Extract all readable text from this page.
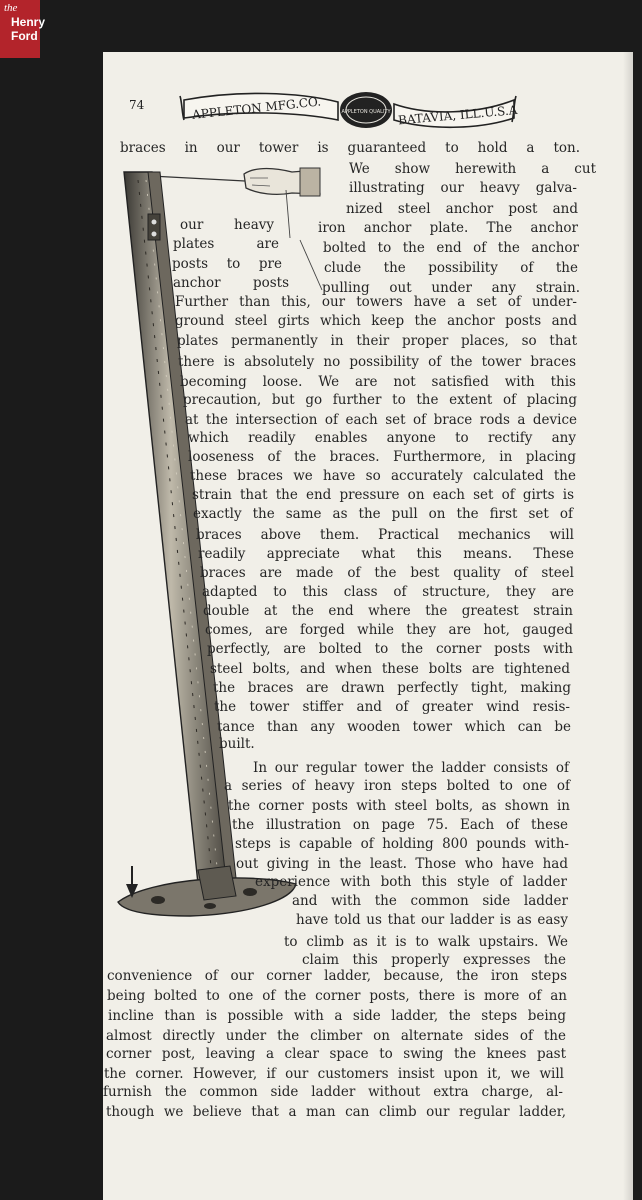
the
Henry
Ford
74	APPLETON QUALITY
APPLETON MFG.CO.	BATAVIA, ILL.U.S.A
braces in our tower is guaranteed to hold a ton.
We show herewith a cut
illustrating our heavy galva-
nized steel anchor post and
our heavy	iron anchor plate. The anchor
plates are	bolted to the end of the anchor
posts to pre	clude the possibility of the
anchor posts pulling out under any strain.
Further than this, our towers have a set of under-
ground steel girts which keep the anchor posts and
plates permanently in their proper places, so that
there is absolutely no possibility of the tower braces
becoming loose. We are not satisfied with this
precaution, but go further to the extent of placing
at the intersection of each set of brace rods a device
which readily enables anyone to rectify any
looseness of the braces. Furthermore, in placing
these braces we have so accurately calculated the
strain that the end pressure on each set of girts is
exactly the same as the pull on the first set of
braces above them. Practical mechanics will
readily appreciate what this means. These
braces are made of the best quality of steel
adapted to this class of structure, they are
double at the end where the greatest strain
comes, are forged while they are hot, gauged
perfectly, are bolted to the corner posts with
steel bolts, and when these bolts are tightened
the braces are drawn perfectly tight, making
the tower stiffer and of greater wind resis-
tance than any wooden tower which can be
built.
In our regular tower the ladder consists of
a series of heavy iron steps bolted to one of
the corner posts with steel bolts, as shown in
the illustration on page 75. Each of these
steps is capable of holding 800 pounds with-
out giving in the least. Those who have had
experience with both this style of ladder
and with the common side ladder
have told us that our ladder is as easy
to climb as it is to walk upstairs. We
claim this properly expresses the
convenience of our corner ladder, because, the iron steps
being bolted to one of the corner posts, there is more of an
incline than is possible with a side ladder, the steps being
almost directly under the climber on alternate sides of the
corner post, leaving a clear space to swing the knees past
the corner. However, if our customers insist upon it, we will
furnish the common side ladder without extra charge, al-
though we believe that a man can climb our regular ladder,
